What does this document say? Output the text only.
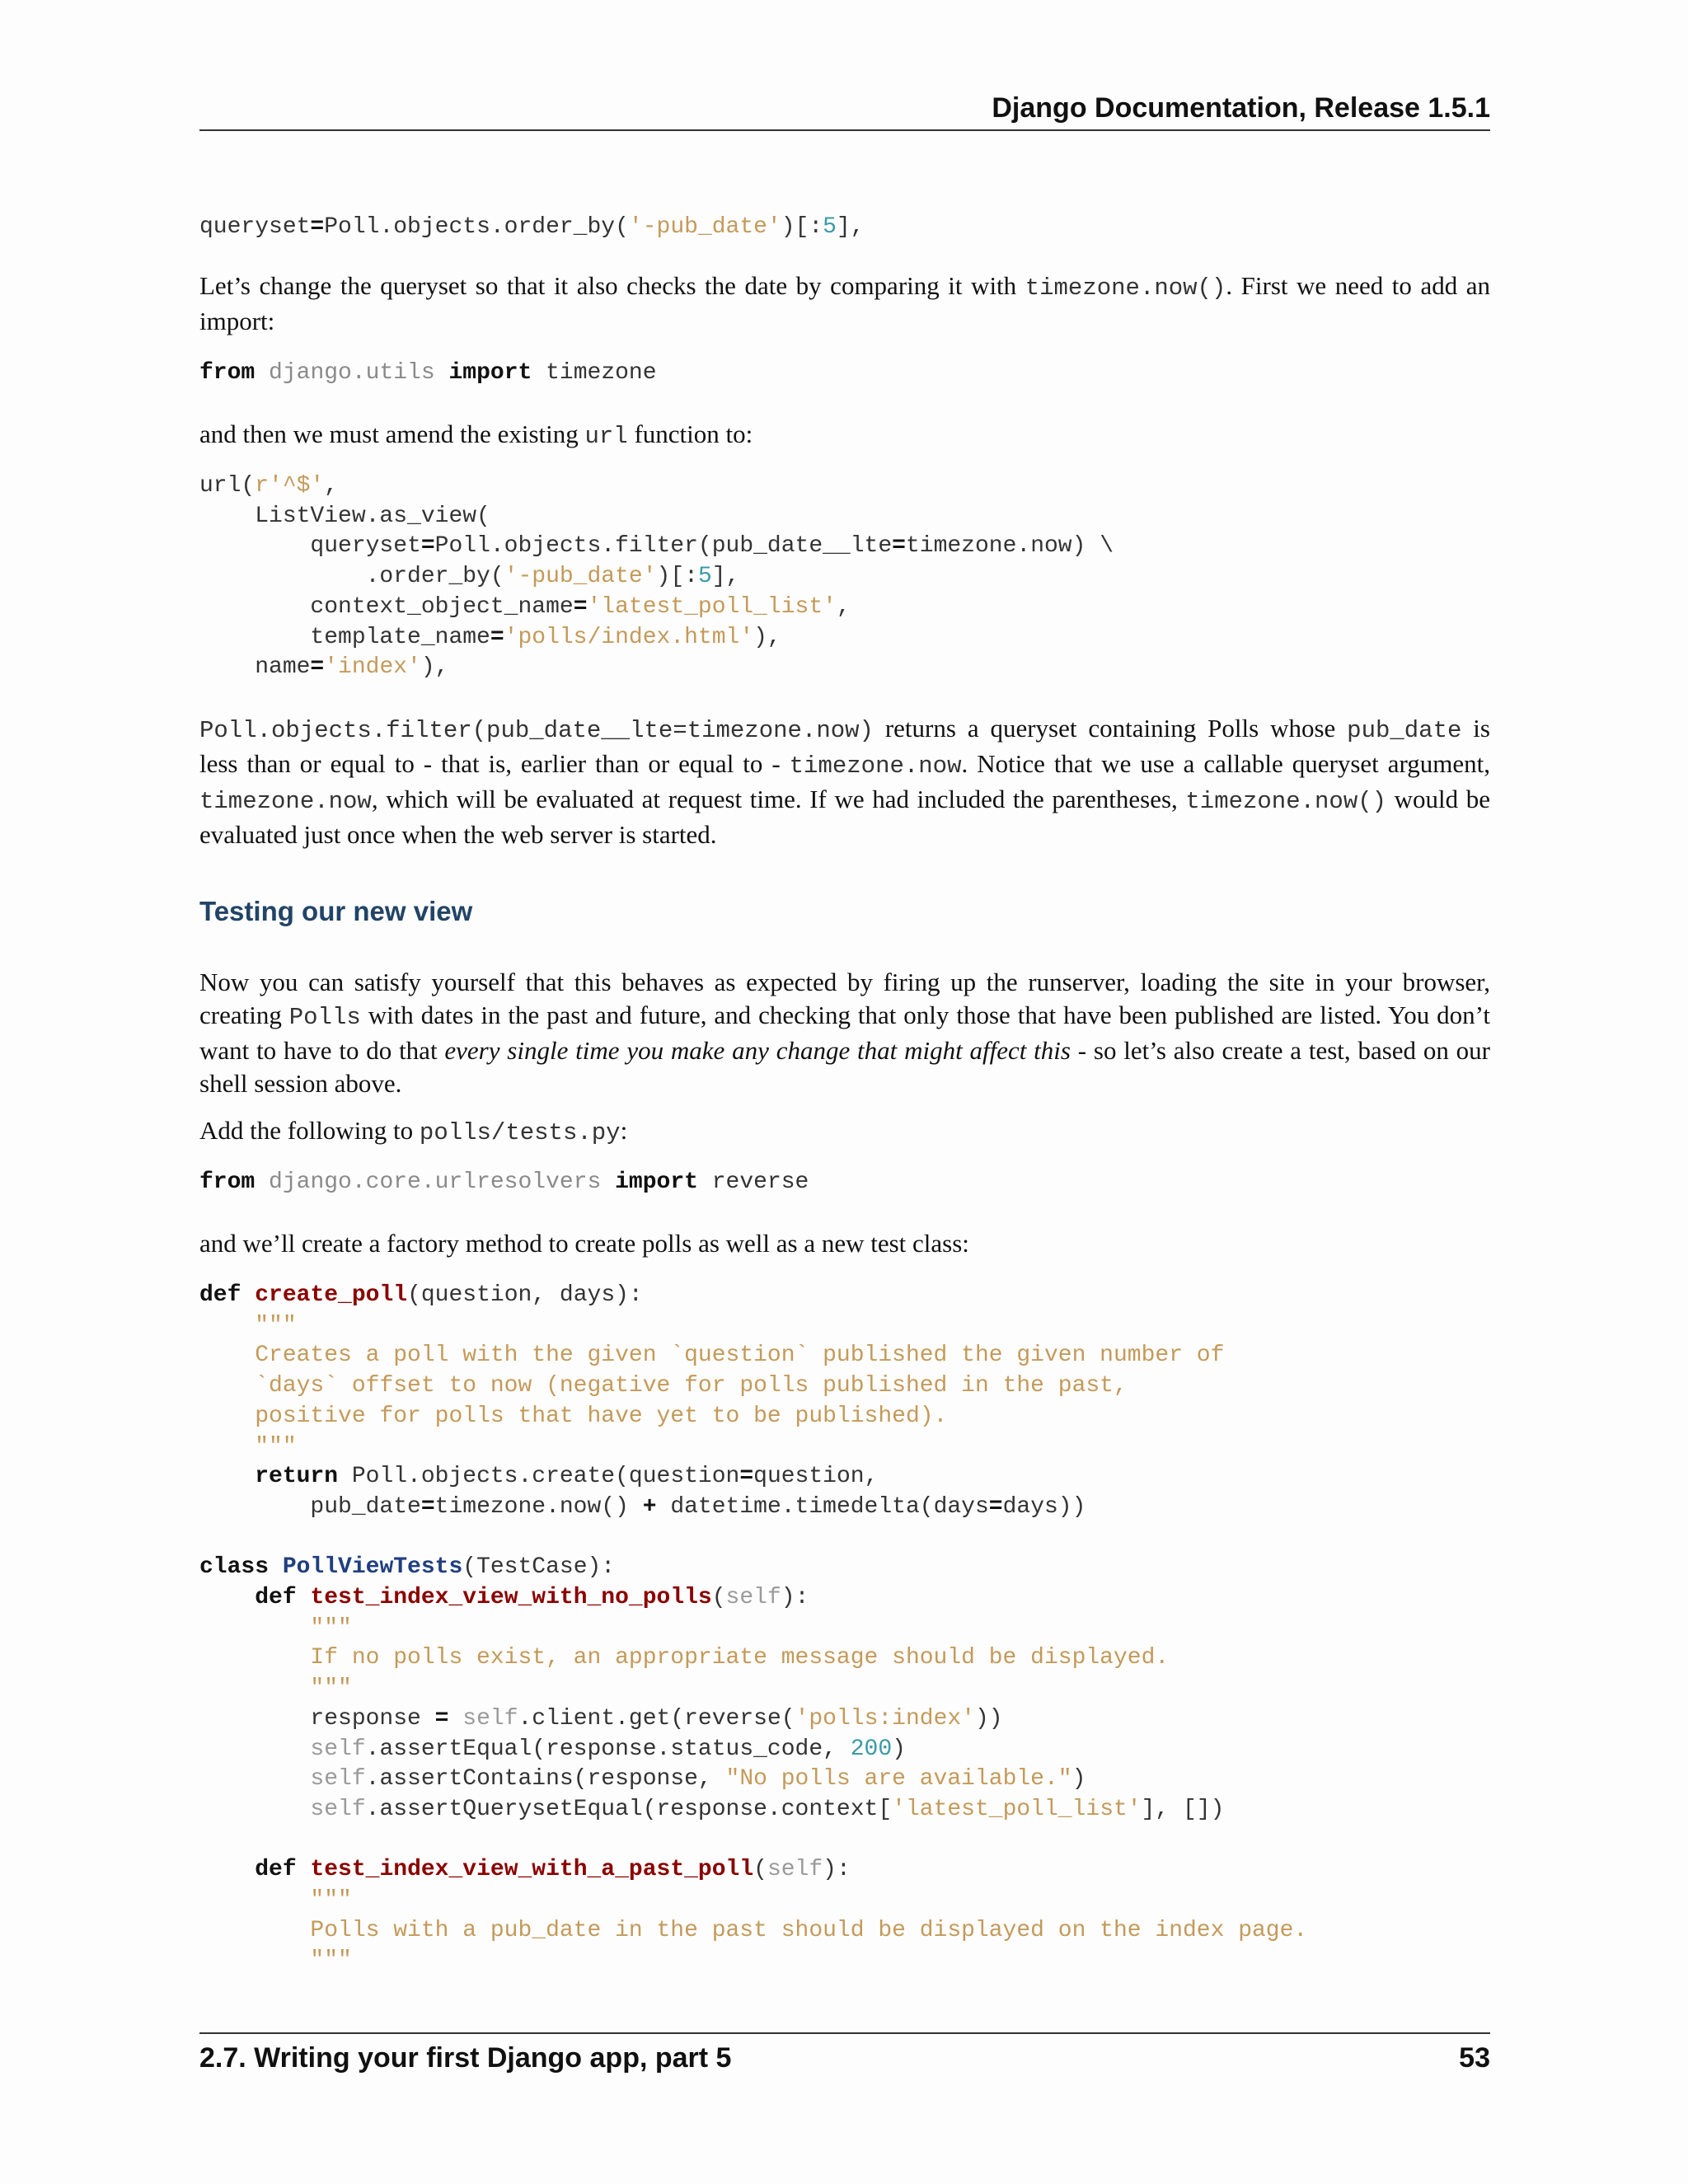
Django Documentation, Release 1.5.1
queryset=Poll.objects.order_by('-pub_date')[:5],

Let’s change the queryset so that it also checks the date by comparing it with timezone.now(). First we need to add an import:

from django.utils import timezone

and then we must amend the existing url function to:

url(r'^$',
ListView.as_view(
queryset=Poll.objects.filter(pub_date__lte=timezone.now) \
.order_by('-pub_date')[:5],
context_object_name='latest_poll_list',
template_name='polls/index.html'),
name='index'),

Poll.objects.filter(pub_date__lte=timezone.now) returns a queryset containing Polls whose pub_date is less than or equal to - that is, earlier than or equal to - timezone.now. Notice that we use a callable queryset argument, timezone.now, which will be evaluated at request time. If we had included the parentheses, timezone.now() would be evaluated just once when the web server is started.

Testing our new view

Now you can satisfy yourself that this behaves as expected by firing up the runserver, loading the site in your browser, creating Polls with dates in the past and future, and checking that only those that have been published are listed. You don’t want to have to do that every single time you make any change that might affect this - so let’s also create a test, based on our shell session above.

Add the following to polls/tests.py:

from django.core.urlresolvers import reverse

and we’ll create a factory method to create polls as well as a new test class:

def create_poll(question, days):
"""
Creates a poll with the given `question` published the given number of
`days` offset to now (negative for polls published in the past,
positive for polls that have yet to be published).
"""
return Poll.objects.create(question=question,
pub_date=timezone.now() + datetime.timedelta(days=days))

class PollViewTests(TestCase):
def test_index_view_with_no_polls(self):
"""
If no polls exist, an appropriate message should be displayed.
"""
response = self.client.get(reverse('polls:index'))
self.assertEqual(response.status_code, 200)
self.assertContains(response, "No polls are available.")
self.assertQuerysetEqual(response.context['latest_poll_list'], [])

def test_index_view_with_a_past_poll(self):
"""
Polls with a pub_date in the past should be displayed on the index page.
"""
2.7. Writing your first Django app, part 5	53
